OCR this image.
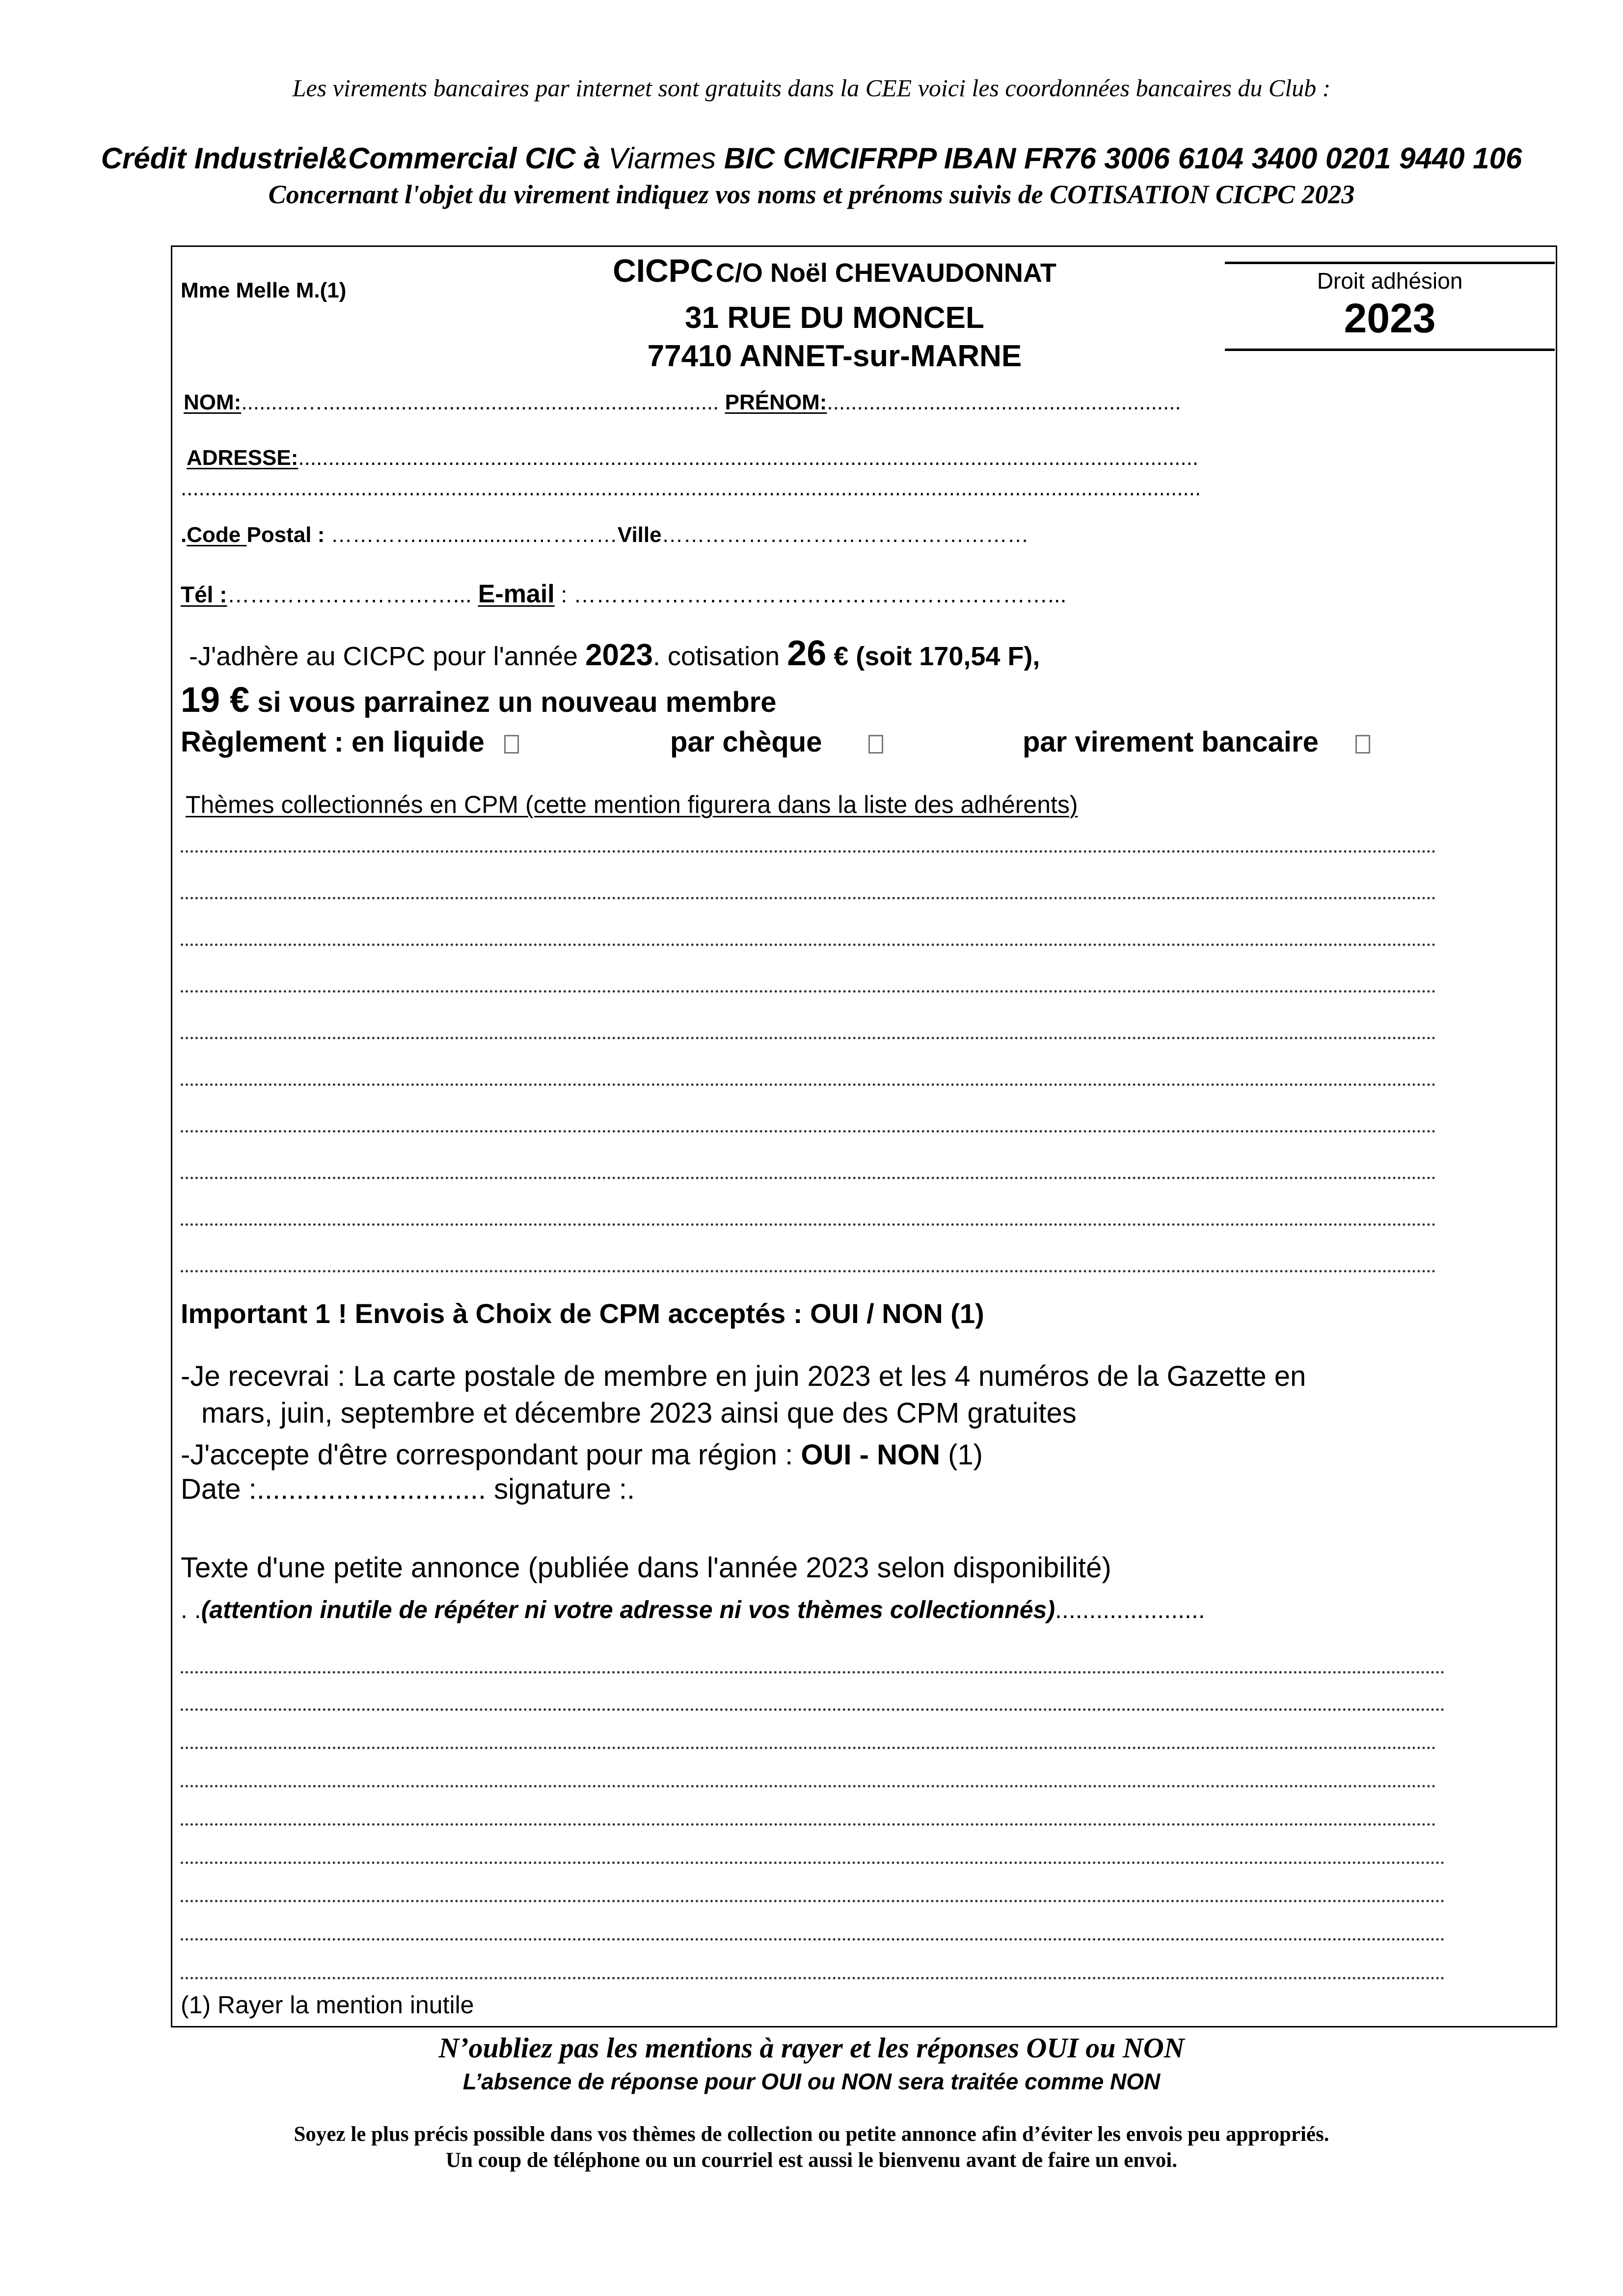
Les virements bancaires par internet sont gratuits dans la CEE voici les coordonnées bancaires du Club :
Crédit Industriel&Commercial CIC à Viarmes BIC CMCIFRPP IBAN FR76 3006 6104 3400 0201 9440 106
Concernant l'objet du virement indiquez vos noms et prénoms suivis de COTISATION CICPC 2023
Mme Melle M.(1)
CICPC C/O Noël CHEVAUDONNAT
31 RUE DU MONCEL
77410 ANNET-sur-MARNE
Droit adhésion
2023
NOM:..........….................................................................. PRÉNOM:...........................................................
ADRESSE:......................................................................................................................................................
..........................................................................................................................................................................
.Code Postal : …………...................…………Ville……………………………………………
Tél :…………………………... E-mail : ………………………………………………………...
-J'adhère au CICPC pour l'année 2023. cotisation 26 € (soit 170,54 F),
19 € si vous parrainez un nouveau membre
Règlement : en liquide	par chèque	par virement bancaire
Thèmes collectionnés en CPM (cette mention figurera dans la liste des adhérents)
Important 1 ! Envois à Choix de CPM acceptés : OUI / NON (1)
-Je recevrai : La carte postale de membre en juin 2023 et les 4 numéros de la Gazette en
mars, juin, septembre et décembre 2023 ainsi que des CPM gratuites
-J'accepte d'être correspondant pour ma région : OUI - NON (1)
Date :............................. signature :.
Texte d'une petite annonce (publiée dans l'année 2023 selon disponibilité)
. .(attention inutile de répéter ni votre adresse ni vos thèmes collectionnés)......................
(1) Rayer la mention inutile
N’oubliez pas les mentions à rayer et les réponses OUI ou NON
L’absence de réponse pour OUI ou NON sera traitée comme NON
Soyez le plus précis possible dans vos thèmes de collection ou petite annonce afin d’éviter les envois peu appropriés.
Un coup de téléphone ou un courriel est aussi le bienvenu avant de faire un envoi.
